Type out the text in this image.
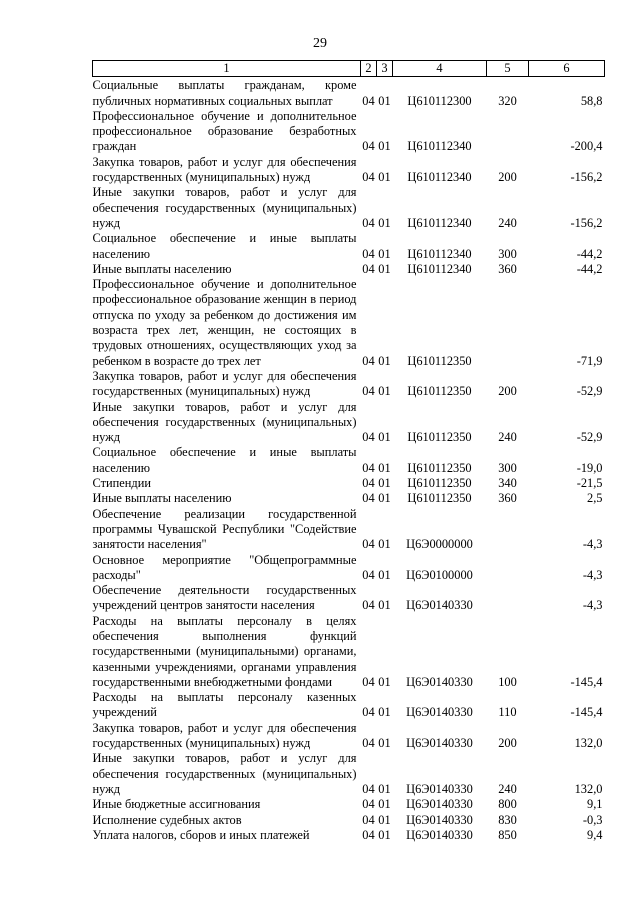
29
1	2	3	4	5	6
Социальные выплаты гражданам, кроме публичных нормативных социальных выплат	04	01	Ц610112300	320	58,8
Профессиональное обучение и дополнительное профессиональное образование безработных граждан	04	01	Ц610112340		-200,4
Закупка товаров, работ и услуг для обеспечения государственных (муниципальных) нужд	04	01	Ц610112340	200	-156,2
Иные закупки товаров, работ и услуг для обеспечения государственных (муниципальных) нужд	04	01	Ц610112340	240	-156,2
Социальное обеспечение и иные выплаты населению	04	01	Ц610112340	300	-44,2
Иные выплаты населению	04	01	Ц610112340	360	-44,2
Профессиональное обучение и дополнительное профессиональное образование женщин в период отпуска по уходу за ребенком до достижения им возраста трех лет, женщин, не состоящих в трудовых отношениях, осуществляющих уход за ребенком в возрасте до трех лет	04	01	Ц610112350		-71,9
Закупка товаров, работ и услуг для обеспечения государственных (муниципальных) нужд	04	01	Ц610112350	200	-52,9
Иные закупки товаров, работ и услуг для обеспечения государственных (муниципальных) нужд	04	01	Ц610112350	240	-52,9
Социальное обеспечение и иные выплаты населению	04	01	Ц610112350	300	-19,0
Стипендии	04	01	Ц610112350	340	-21,5
Иные выплаты населению	04	01	Ц610112350	360	2,5
Обеспечение реализации государственной программы Чувашской Республики "Содействие занятости населения"	04	01	Ц6Э0000000		-4,3
Основное мероприятие "Общепрограммные расходы"	04	01	Ц6Э0100000		-4,3
Обеспечение деятельности государственных учреждений центров занятости населения	04	01	Ц6Э0140330		-4,3
Расходы на выплаты персоналу в целях обеспечения выполнения функций государственными (муниципальными) органами, казенными учреждениями, органами управления государственными внебюджетными фондами	04	01	Ц6Э0140330	100	-145,4
Расходы на выплаты персоналу казенных учреждений	04	01	Ц6Э0140330	110	-145,4
Закупка товаров, работ и услуг для обеспечения государственных (муниципальных) нужд	04	01	Ц6Э0140330	200	132,0
Иные закупки товаров, работ и услуг для обеспечения государственных (муниципальных) нужд	04	01	Ц6Э0140330	240	132,0
Иные бюджетные ассигнования	04	01	Ц6Э0140330	800	9,1
Исполнение судебных актов	04	01	Ц6Э0140330	830	-0,3
Уплата налогов, сборов и иных платежей	04	01	Ц6Э0140330	850	9,4
